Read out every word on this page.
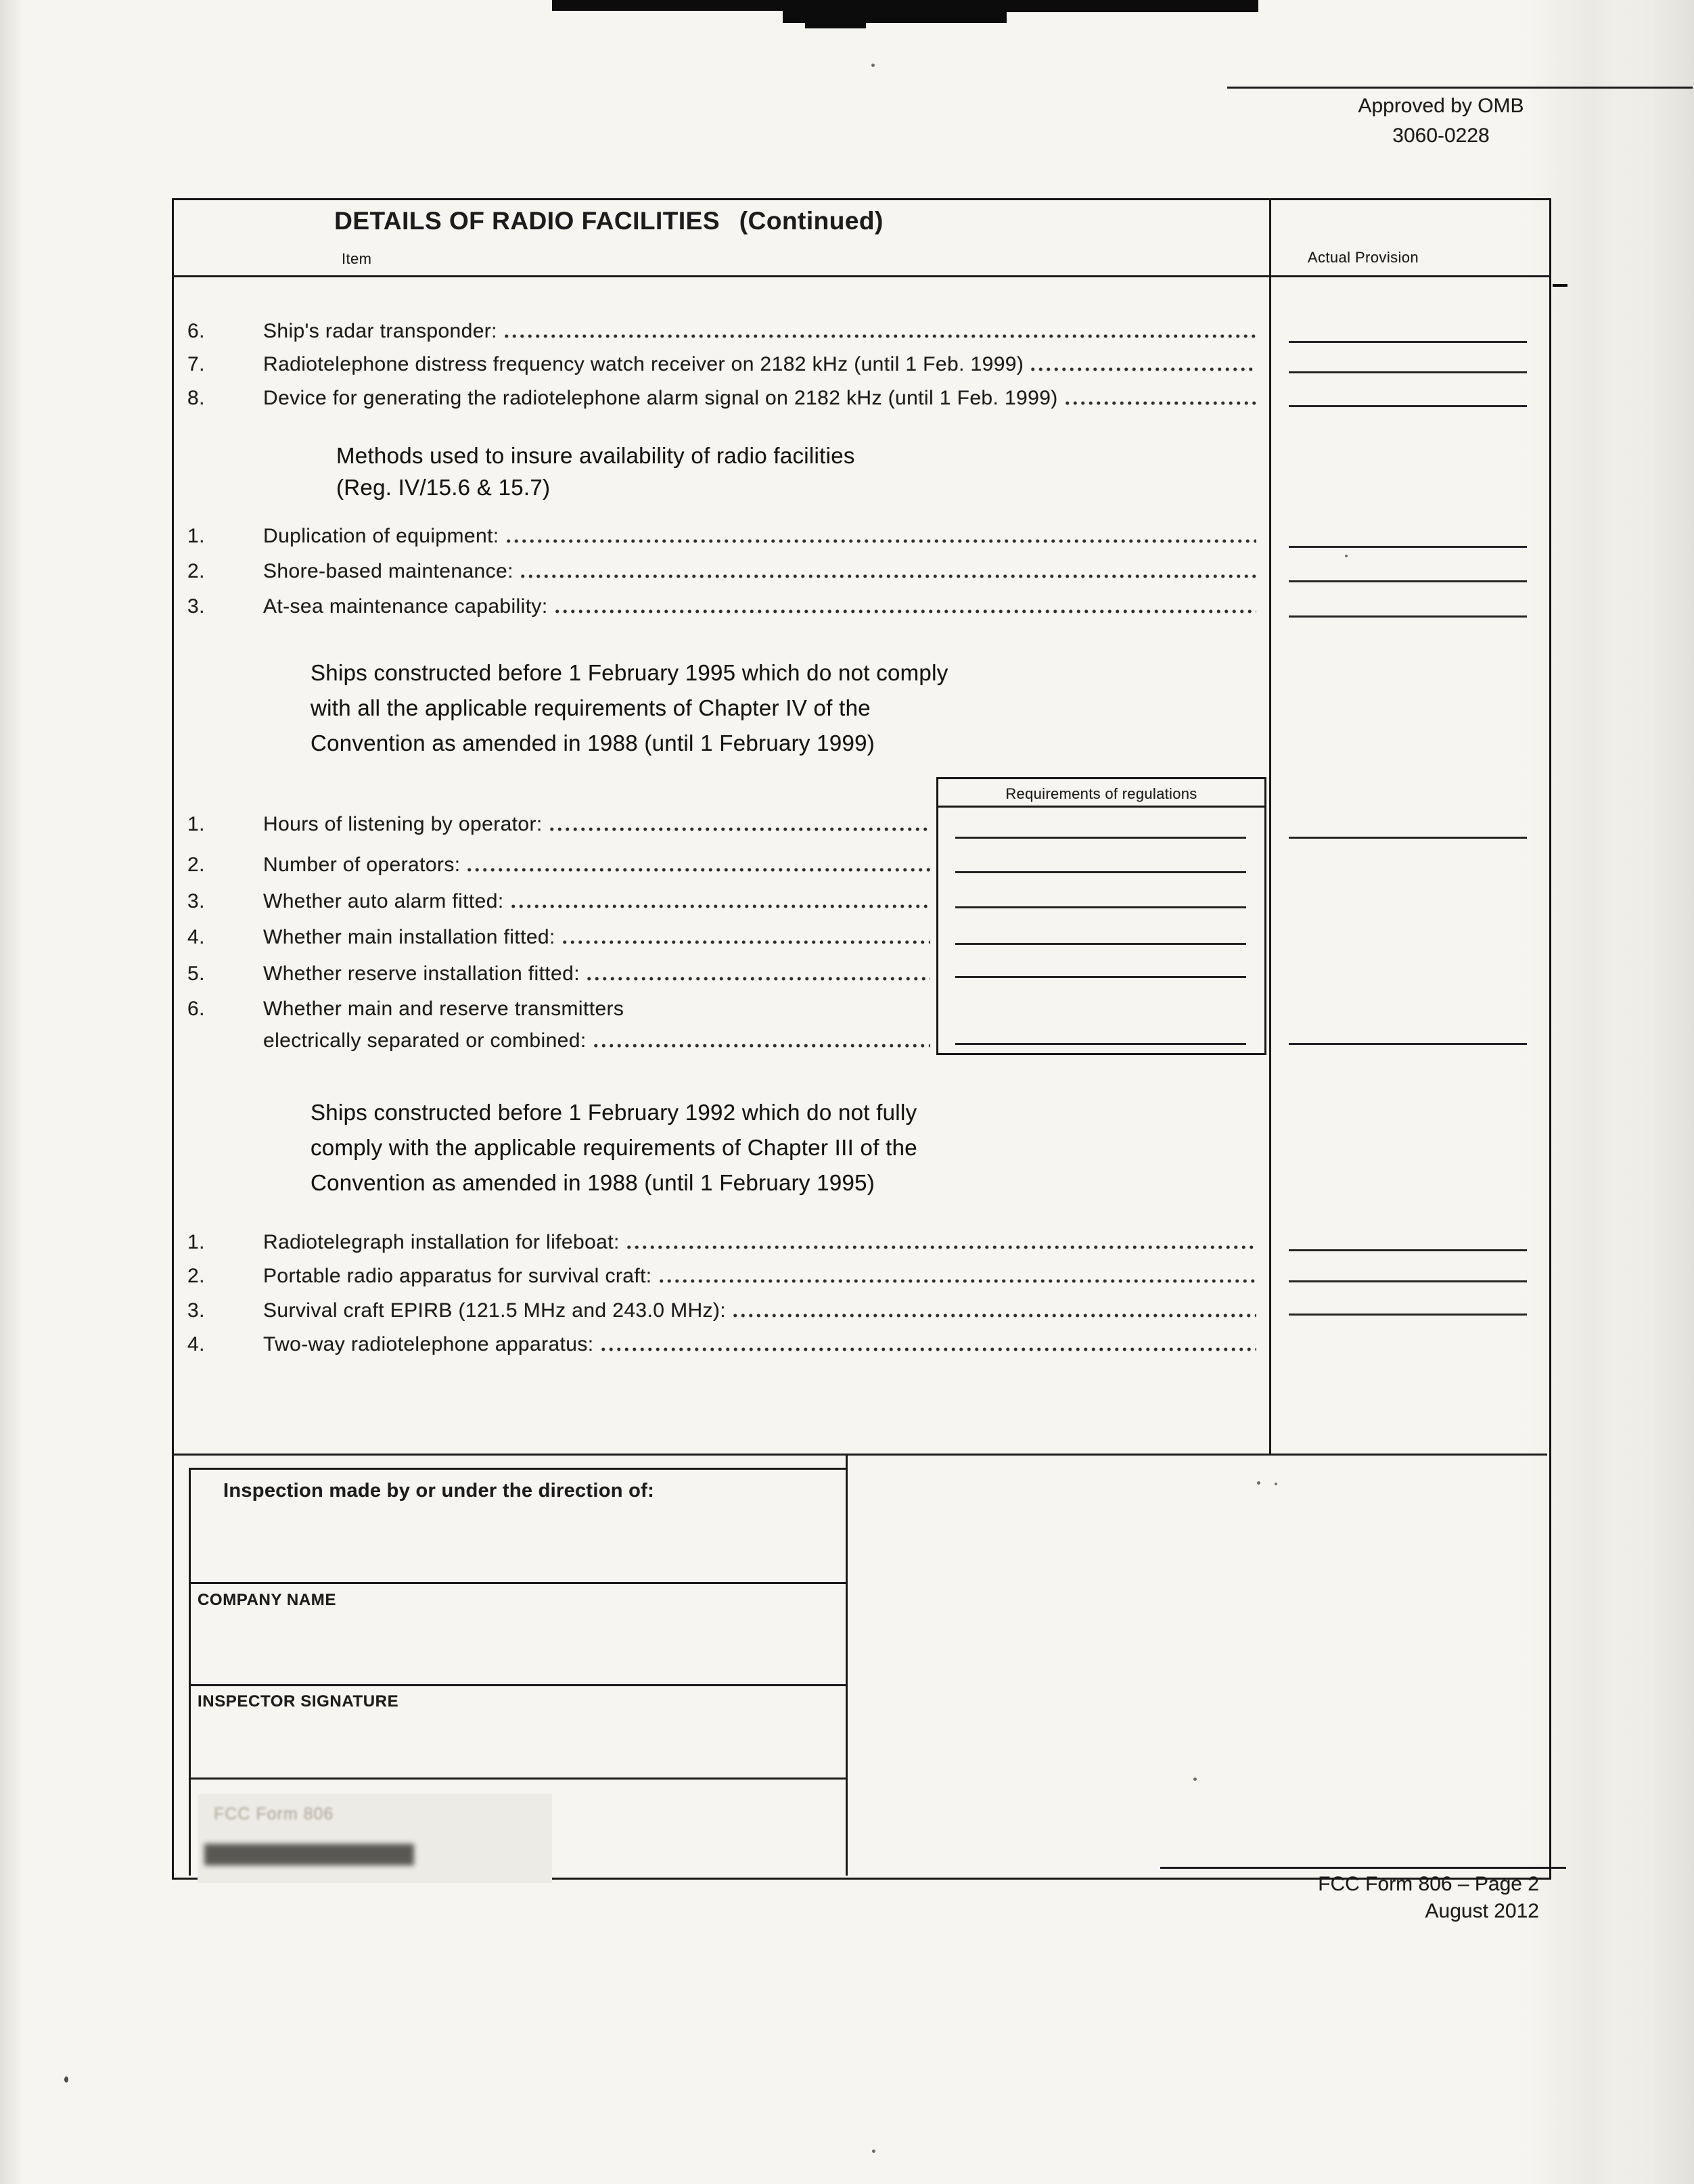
Approved by OMB
3060-0228
DETAILS OF RADIO FACILITIES (Continued)
Item	Actual Provision
6.	Ship's radar transponder:
7.	Radiotelephone distress frequency watch receiver on 2182 kHz (until 1 Feb. 1999)
8.	Device for generating the radiotelephone alarm signal on 2182 kHz (until 1 Feb. 1999)
Methods used to insure availability of radio facilities
(Reg. IV/15.6 & 15.7)
1.	Duplication of equipment:
2.	Shore-based maintenance:
3.	At-sea maintenance capability:
Ships constructed before 1 February 1995 which do not comply
with all the applicable requirements of Chapter IV of the
Convention as amended in 1988 (until 1 February 1999)
Requirements of regulations
1.	Hours of listening by operator:
2.	Number of operators:
3.	Whether auto alarm fitted:
4.	Whether main installation fitted:
5.	Whether reserve installation fitted:
6.	Whether main and reserve transmitters
electrically separated or combined:
Ships constructed before 1 February 1992 which do not fully
comply with the applicable requirements of Chapter III of the
Convention as amended in 1988 (until 1 February 1995)
1.	Radiotelegraph installation for lifeboat:
2.	Portable radio apparatus for survival craft:
3.	Survival craft EPIRB (121.5 MHz and 243.0 MHz):
4.	Two-way radiotelephone apparatus:
Inspection made by or under the direction of:
COMPANY NAME
INSPECTOR SIGNATURE
FCC Form 806
FCC Form 806 – Page 2
August 2012
